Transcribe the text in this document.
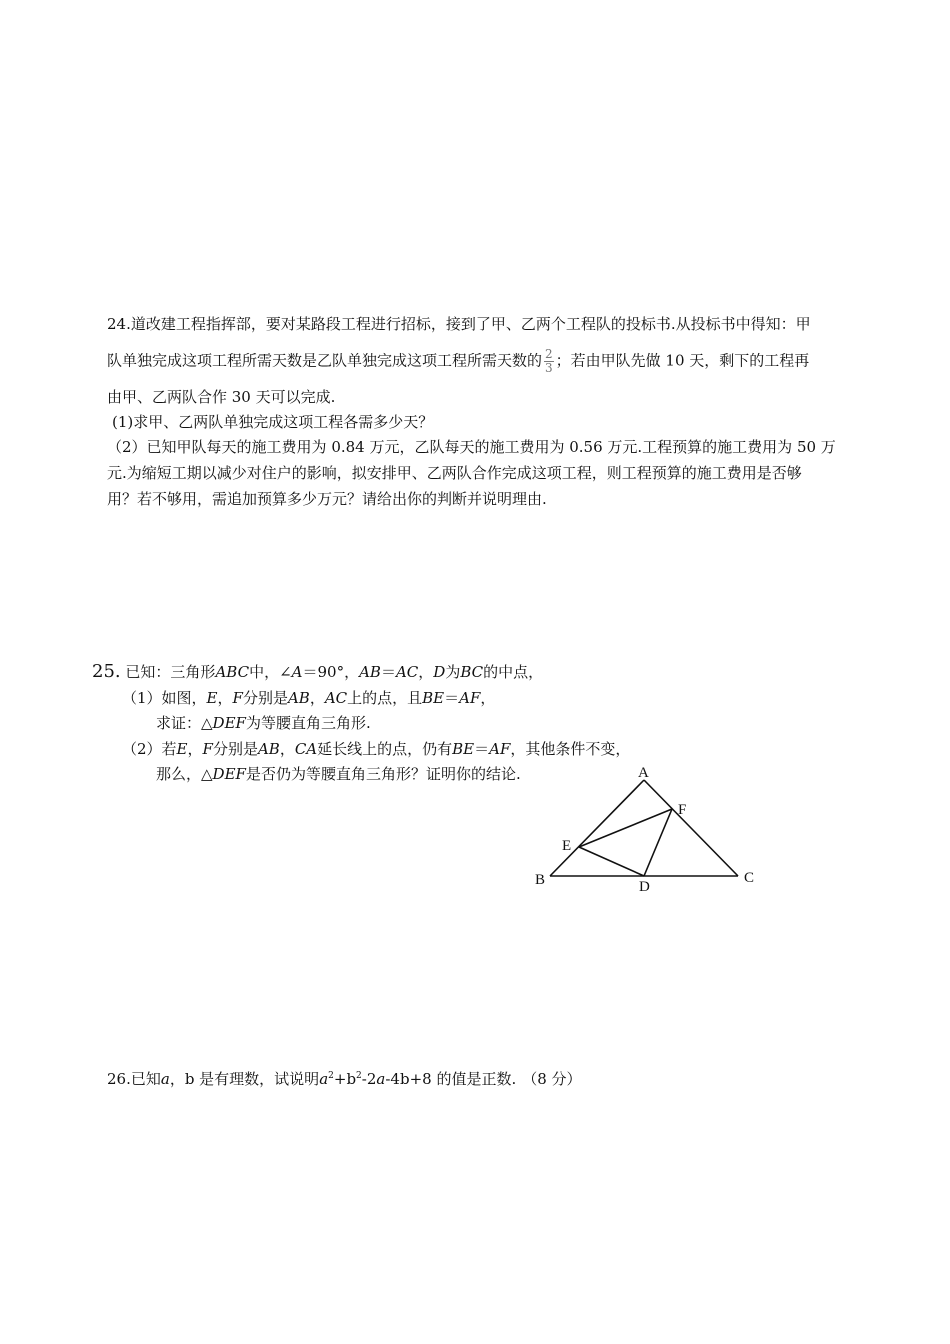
24.道改建工程指挥部，要对某路段工程进行招标，接到了甲、乙两个工程队的投标书.从投标书中得知：甲
队单独完成这项工程所需天数是乙队单独完成这项工程所需天数的 $\frac{2}{3}$ ；若由甲队先做 10 天，剩下的工程再
由甲、乙两队合作 30 天可以完成.
(1)求甲、乙两队单独完成这项工程各需多少天？
（2）已知甲队每天的施工费用为 0.84 万元，乙队每天的施工费用为 0.56 万元.工程预算的施工费用为 50 万
元.为缩短工期以减少对住户的影响，拟安排甲、乙两队合作完成这项工程，则工程预算的施工费用是否够
用？若不够用，需追加预算多少万元？请给出你的判断并说明理由.
25. 已知：三角形ABC中，∠A＝90°，AB＝AC，D为BC的中点，
（1）如图，E，F分别是AB，AC上的点，且BE＝AF，
求证：△DEF为等腰直角三角形.
（2）若E，F分别是AB，CA延长线上的点，仍有BE＝AF，其他条件不变，
那么，△DEF是否仍为等腰直角三角形？证明你的结论.	A
F
E
B	D
C
26.已知a，b 是有理数，试说明$a^2+b^2-2a-4b+8$ 的值是正数. （8 分）
